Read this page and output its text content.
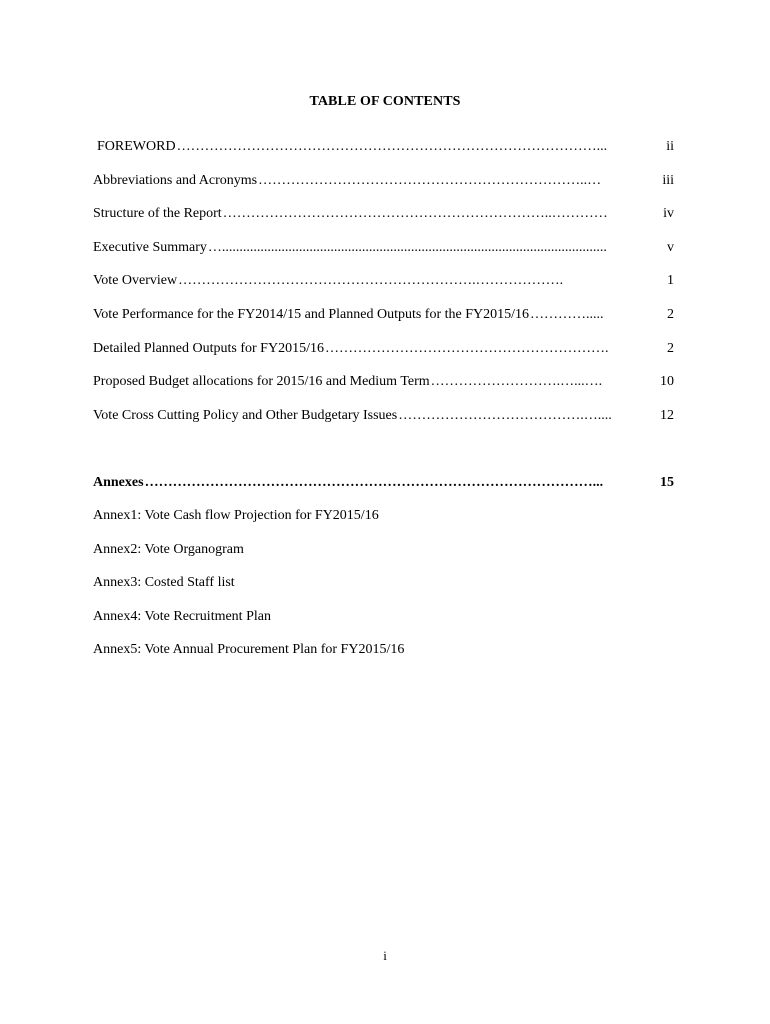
TABLE OF CONTENTS
FOREWORD ………………………………………………………………………………...	ii
Abbreviations and Acronyms ……………………………………………………………..…	iii
Structure of the Report ……………………………………………………………..…………	iv
Executive Summary …..............................................................................................................	v
Vote Overview ……………………………………………………….……………….	1
Vote Performance for the FY2014/15 and Planned Outputs for the FY2015/16 ………….....	2
Detailed Planned Outputs for FY2015/16 …………………………………………………….	2
Proposed Budget allocations for 2015/16 and Medium Term ……………………….…...….	10
Vote Cross Cutting Policy and Other Budgetary Issues ………………………………….…....	12
Annexes ……………………………………………………………………………………...	15
Annex1: Vote Cash flow Projection for FY2015/16
Annex2: Vote Organogram
Annex3: Costed Staff list
Annex4: Vote Recruitment Plan
Annex5: Vote Annual Procurement Plan for FY2015/16
i
